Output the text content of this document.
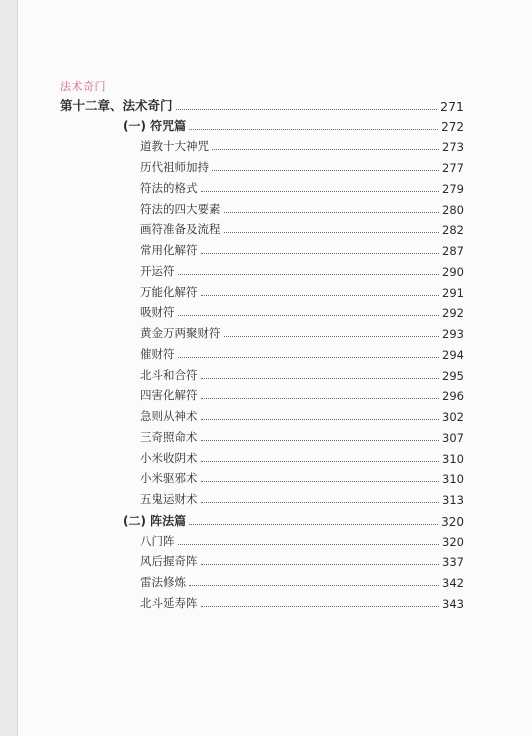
法术奇门
第十二章、法术奇门	271
(一) 符咒篇	272
道教十大神咒	273
历代祖师加持	277
符法的格式	279
符法的四大要素	280
画符准备及流程	282
常用化解符	287
开运符	290
万能化解符	291
吸财符	292
黄金万两聚财符	293
催财符	294
北斗和合符	295
四害化解符	296
急则从神术	302
三奇照命术	307
小米收阴术	310
小米驱邪术	310
五鬼运财术	313
(二) 阵法篇	320
八门阵	320
风后握奇阵	337
雷法修炼	342
北斗延寿阵	343
